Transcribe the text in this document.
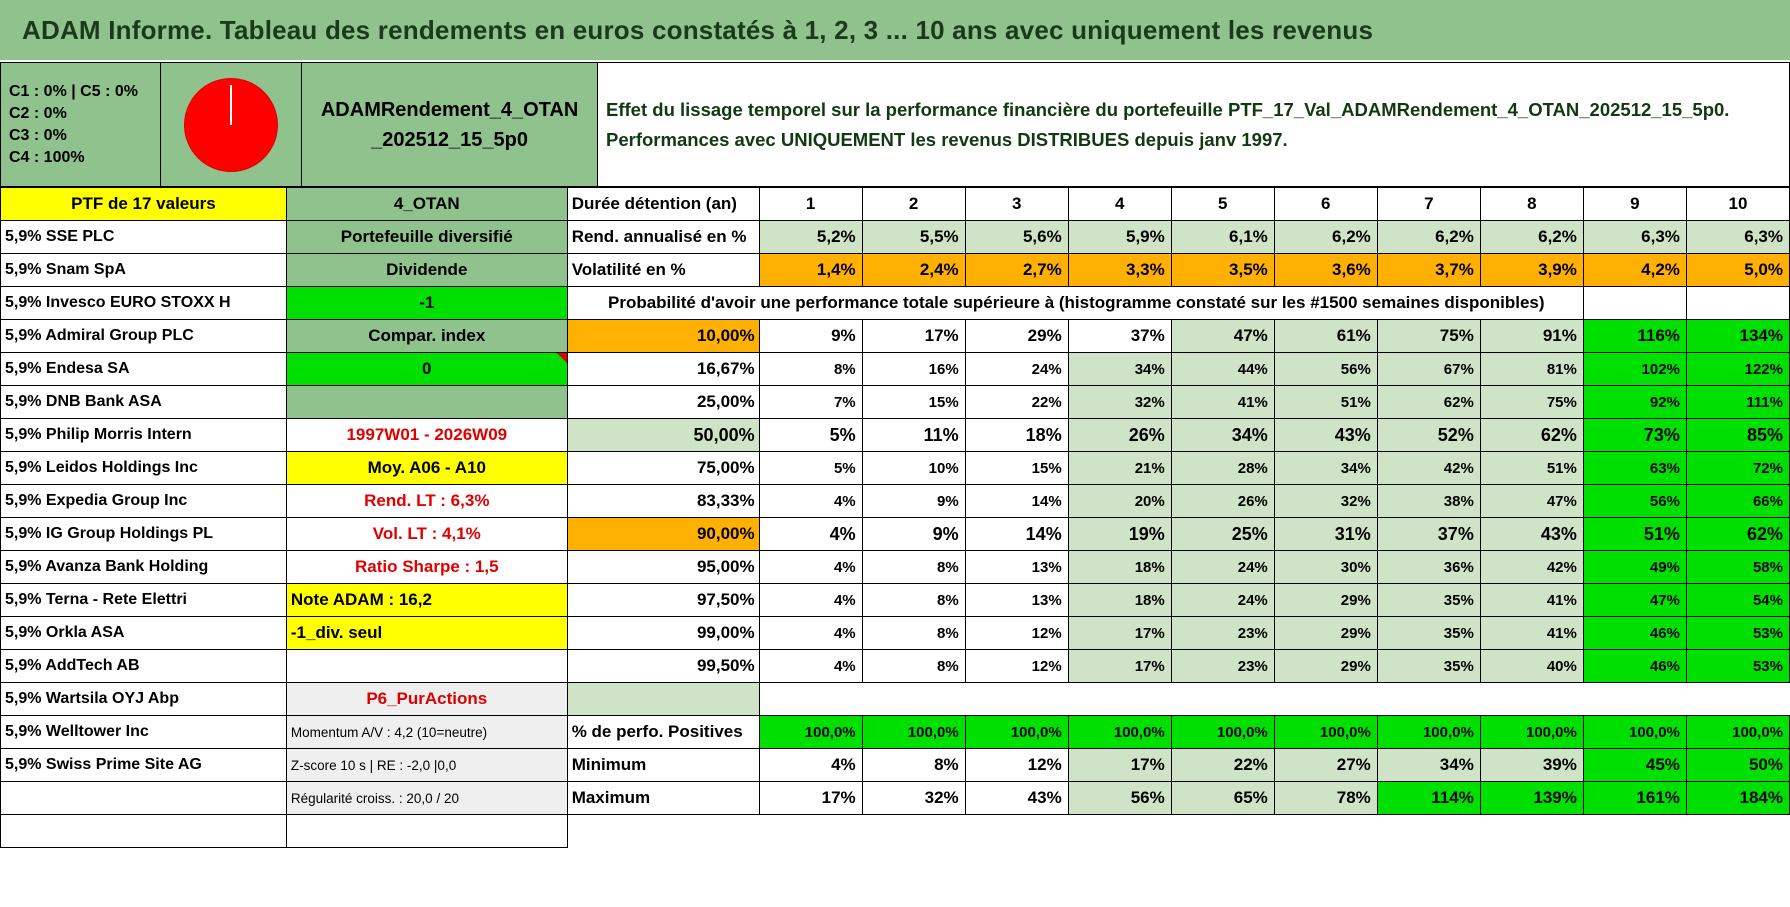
ADAM Informe. Tableau des rendements en euros constatés à 1, 2, 3 ... 10 ans avec uniquement les revenus
C1 : 0% | C5 : 0%
C2 : 0%
C3 : 0%
C4 : 100%

ADAMRendement_4_OTAN
_202512_15_5p0

Effet du lissage temporel sur la performance financière du portefeuille PTF_17_Val_ADAMRendement_4_OTAN_202512_15_5p0.
Performances avec UNIQUEMENT les revenus DISTRIBUES depuis janv 1997.
PTF de 17 valeurs	4_OTAN	Durée détention (an)	1	2	3	4	5	6	7	8	9	10
5,9% SSE PLC	Portefeuille diversifié	Rend. annualisé en %	5,2%	5,5%	5,6%	5,9%	6,1%	6,2%	6,2%	6,2%	6,3%	6,3%
5,9% Snam SpA	Dividende	Volatilité en %	1,4%	2,4%	2,7%	3,3%	3,5%	3,6%	3,7%	3,9%	4,2%	5,0%
5,9% Invesco EURO STOXX H	-1	Probabilité d'avoir une performance totale supérieure à (histogramme constaté sur les #1500 semaines disponibles)										
5,9% Admiral Group PLC	Compar. index	10,00%	9%	17%	29%	37%	47%	61%	75%	91%	116%	134%
5,9% Endesa SA	0	16,67%	8%	16%	24%	34%	44%	56%	67%	81%	102%	122%
5,9% DNB Bank ASA		25,00%	7%	15%	22%	32%	41%	51%	62%	75%	92%	111%
5,9% Philip Morris Intern	1997W01 - 2026W09	50,00%	5%	11%	18%	26%	34%	43%	52%	62%	73%	85%
5,9% Leidos Holdings Inc	Moy. A06 - A10	75,00%	5%	10%	15%	21%	28%	34%	42%	51%	63%	72%
5,9% Expedia Group Inc	Rend. LT : 6,3%	83,33%	4%	9%	14%	20%	26%	32%	38%	47%	56%	66%
5,9% IG Group Holdings PL	Vol. LT : 4,1%	90,00%	4%	9%	14%	19%	25%	31%	37%	43%	51%	62%
5,9% Avanza Bank Holding	Ratio Sharpe : 1,5	95,00%	4%	8%	13%	18%	24%	30%	36%	42%	49%	58%
5,9% Terna - Rete Elettri	Note ADAM : 16,2	97,50%	4%	8%	13%	18%	24%	29%	35%	41%	47%	54%
5,9% Orkla ASA	-1_div. seul	99,00%	4%	8%	12%	17%	23%	29%	35%	41%	46%	53%
5,9% AddTech AB		99,50%	4%	8%	12%	17%	23%	29%	35%	40%	46%	53%
5,9% Wartsila OYJ Abp	P6_PurActions											
5,9% Welltower Inc	Momentum A/V : 4,2 (10=neutre)	% de perfo. Positives	100,0%	100,0%	100,0%	100,0%	100,0%	100,0%	100,0%	100,0%	100,0%	100,0%
5,9% Swiss Prime Site AG	Z-score 10 s | RE : -2,0 |0,0	Minimum	4%	8%	12%	17%	22%	27%	34%	39%	45%	50%
	Régularité croiss. : 20,0 / 20	Maximum	17%	32%	43%	56%	65%	78%	114%	139%	161%	184%
